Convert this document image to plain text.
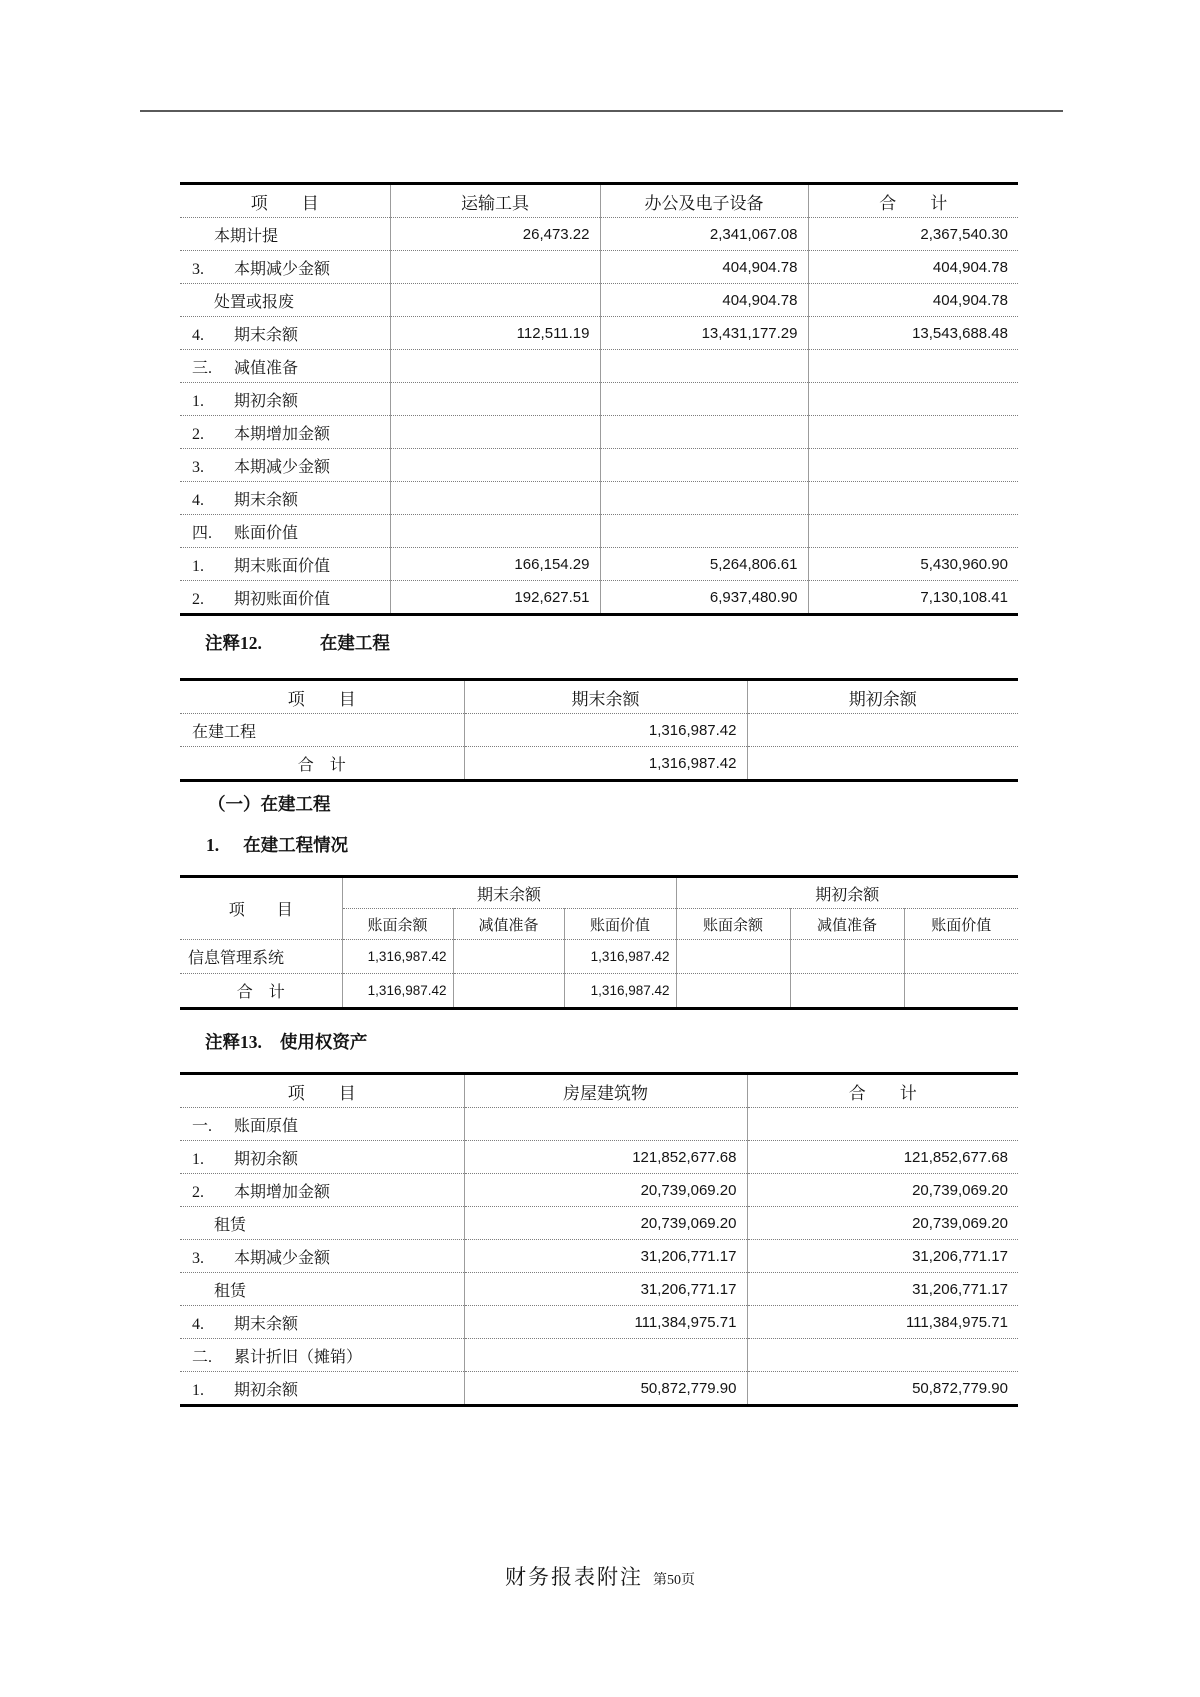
项　　目	运输工具	办公及电子设备	合　　计
本期计提	26,473.22	2,341,067.08	2,367,540.30
3. 本期减少金额		404,904.78	404,904.78
处置或报废		404,904.78	404,904.78
4. 期末余额	112,511.19	13,431,177.29	13,543,688.48
三. 减值准备			
1. 期初余额			
2. 本期增加金额			
3. 本期减少金额			
4. 期末余额			
四. 账面价值			
1. 期末账面价值	166,154.29	5,264,806.61	5,430,960.90
2. 期初账面价值	192,627.51	6,937,480.90	7,130,108.41
注释12.	在建工程
项　　目	期末余额	期初余额
在建工程	1,316,987.42	
合　计	1,316,987.42	
（一）在建工程
1. 在建工程情况
项　　目	期末余额			期初余额		
	账面余额	减值准备	账面价值	账面余额	减值准备	账面价值
信息管理系统	1,316,987.42		1,316,987.42			
合　计	1,316,987.42		1,316,987.42			
注释13. 使用权资产
项　　目	房屋建筑物	合　　计
一. 账面原值		
1. 期初余额	121,852,677.68	121,852,677.68
2. 本期增加金额	20,739,069.20	20,739,069.20
租赁	20,739,069.20	20,739,069.20
3. 本期减少金额	31,206,771.17	31,206,771.17
租赁	31,206,771.17	31,206,771.17
4. 期末余额	111,384,975.71	111,384,975.71
二. 累计折旧（摊销）		
1. 期初余额	50,872,779.90	50,872,779.90
财务报表附注 第50页
